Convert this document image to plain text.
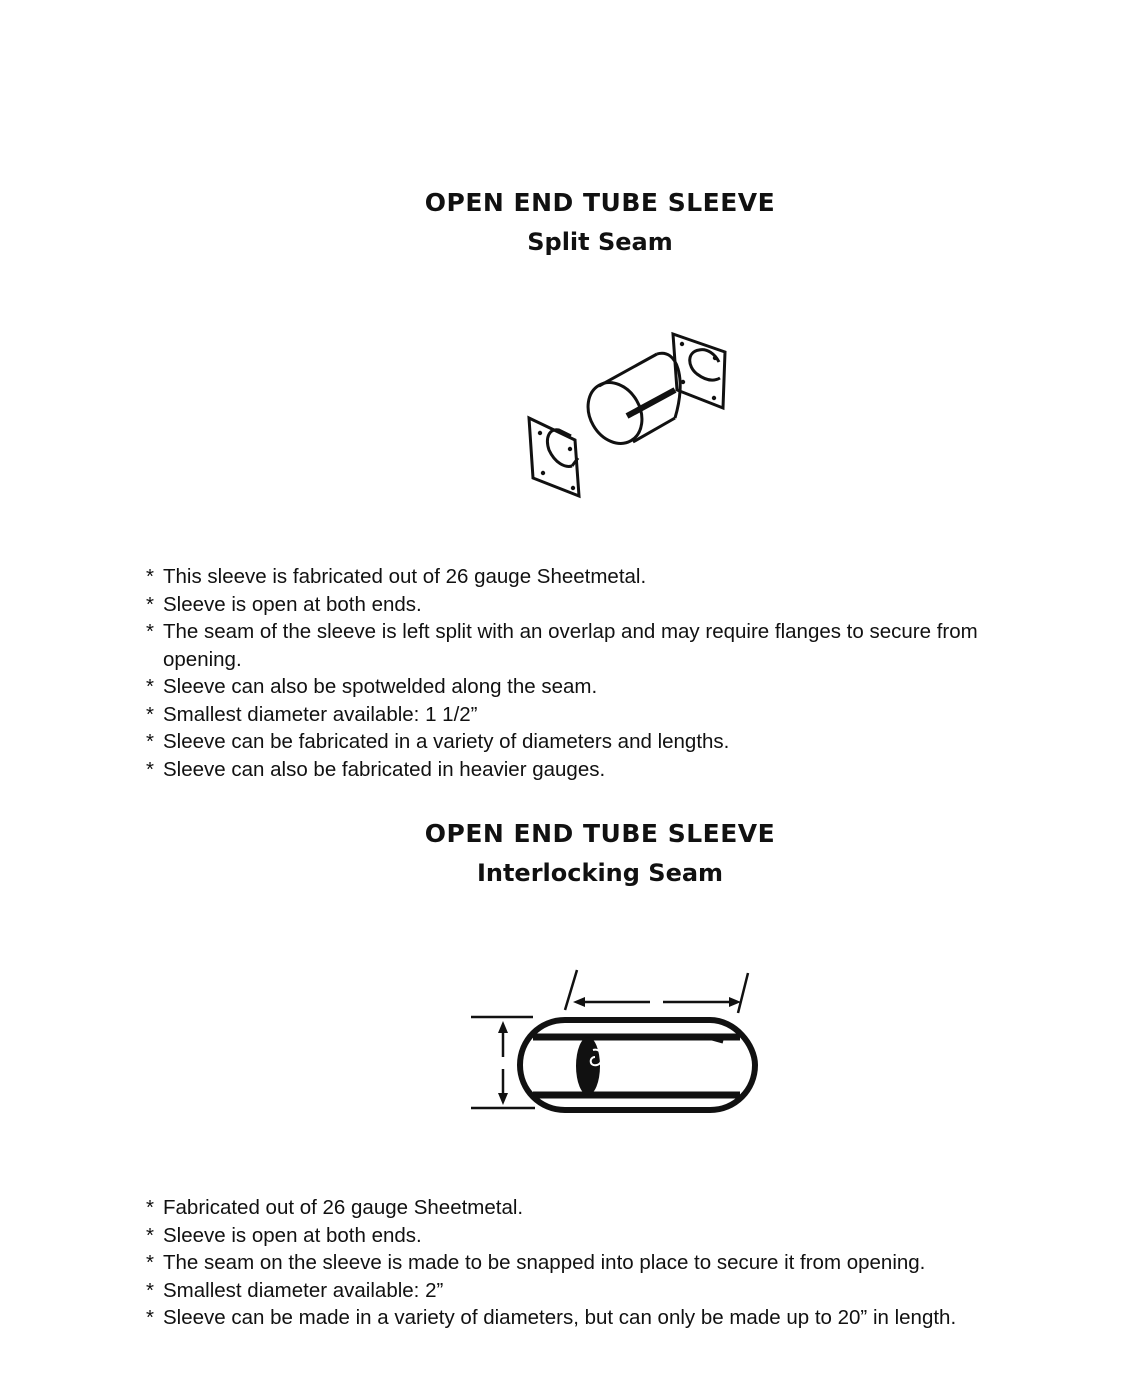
OPEN END TUBE SLEEVE
Split Seam
* This sleeve is fabricated out of 26 gauge Sheetmetal.
* Sleeve is open at both ends.
* The seam of the sleeve is left split with an overlap and may require flanges to secure from opening.
* Sleeve can also be spotwelded along the seam.
* Smallest diameter available: 1 1/2”
* Sleeve can be fabricated in a variety of diameters and lengths.
* Sleeve can also be fabricated in heavier gauges.
OPEN END TUBE SLEEVE
Interlocking Seam
* Fabricated out of 26 gauge Sheetmetal.
* Sleeve is open at both ends.
* The seam on the sleeve is made to be snapped into place to secure it from opening.
* Smallest diameter available: 2”
* Sleeve can be made in a variety of diameters, but can only be made up to 20” in length.
